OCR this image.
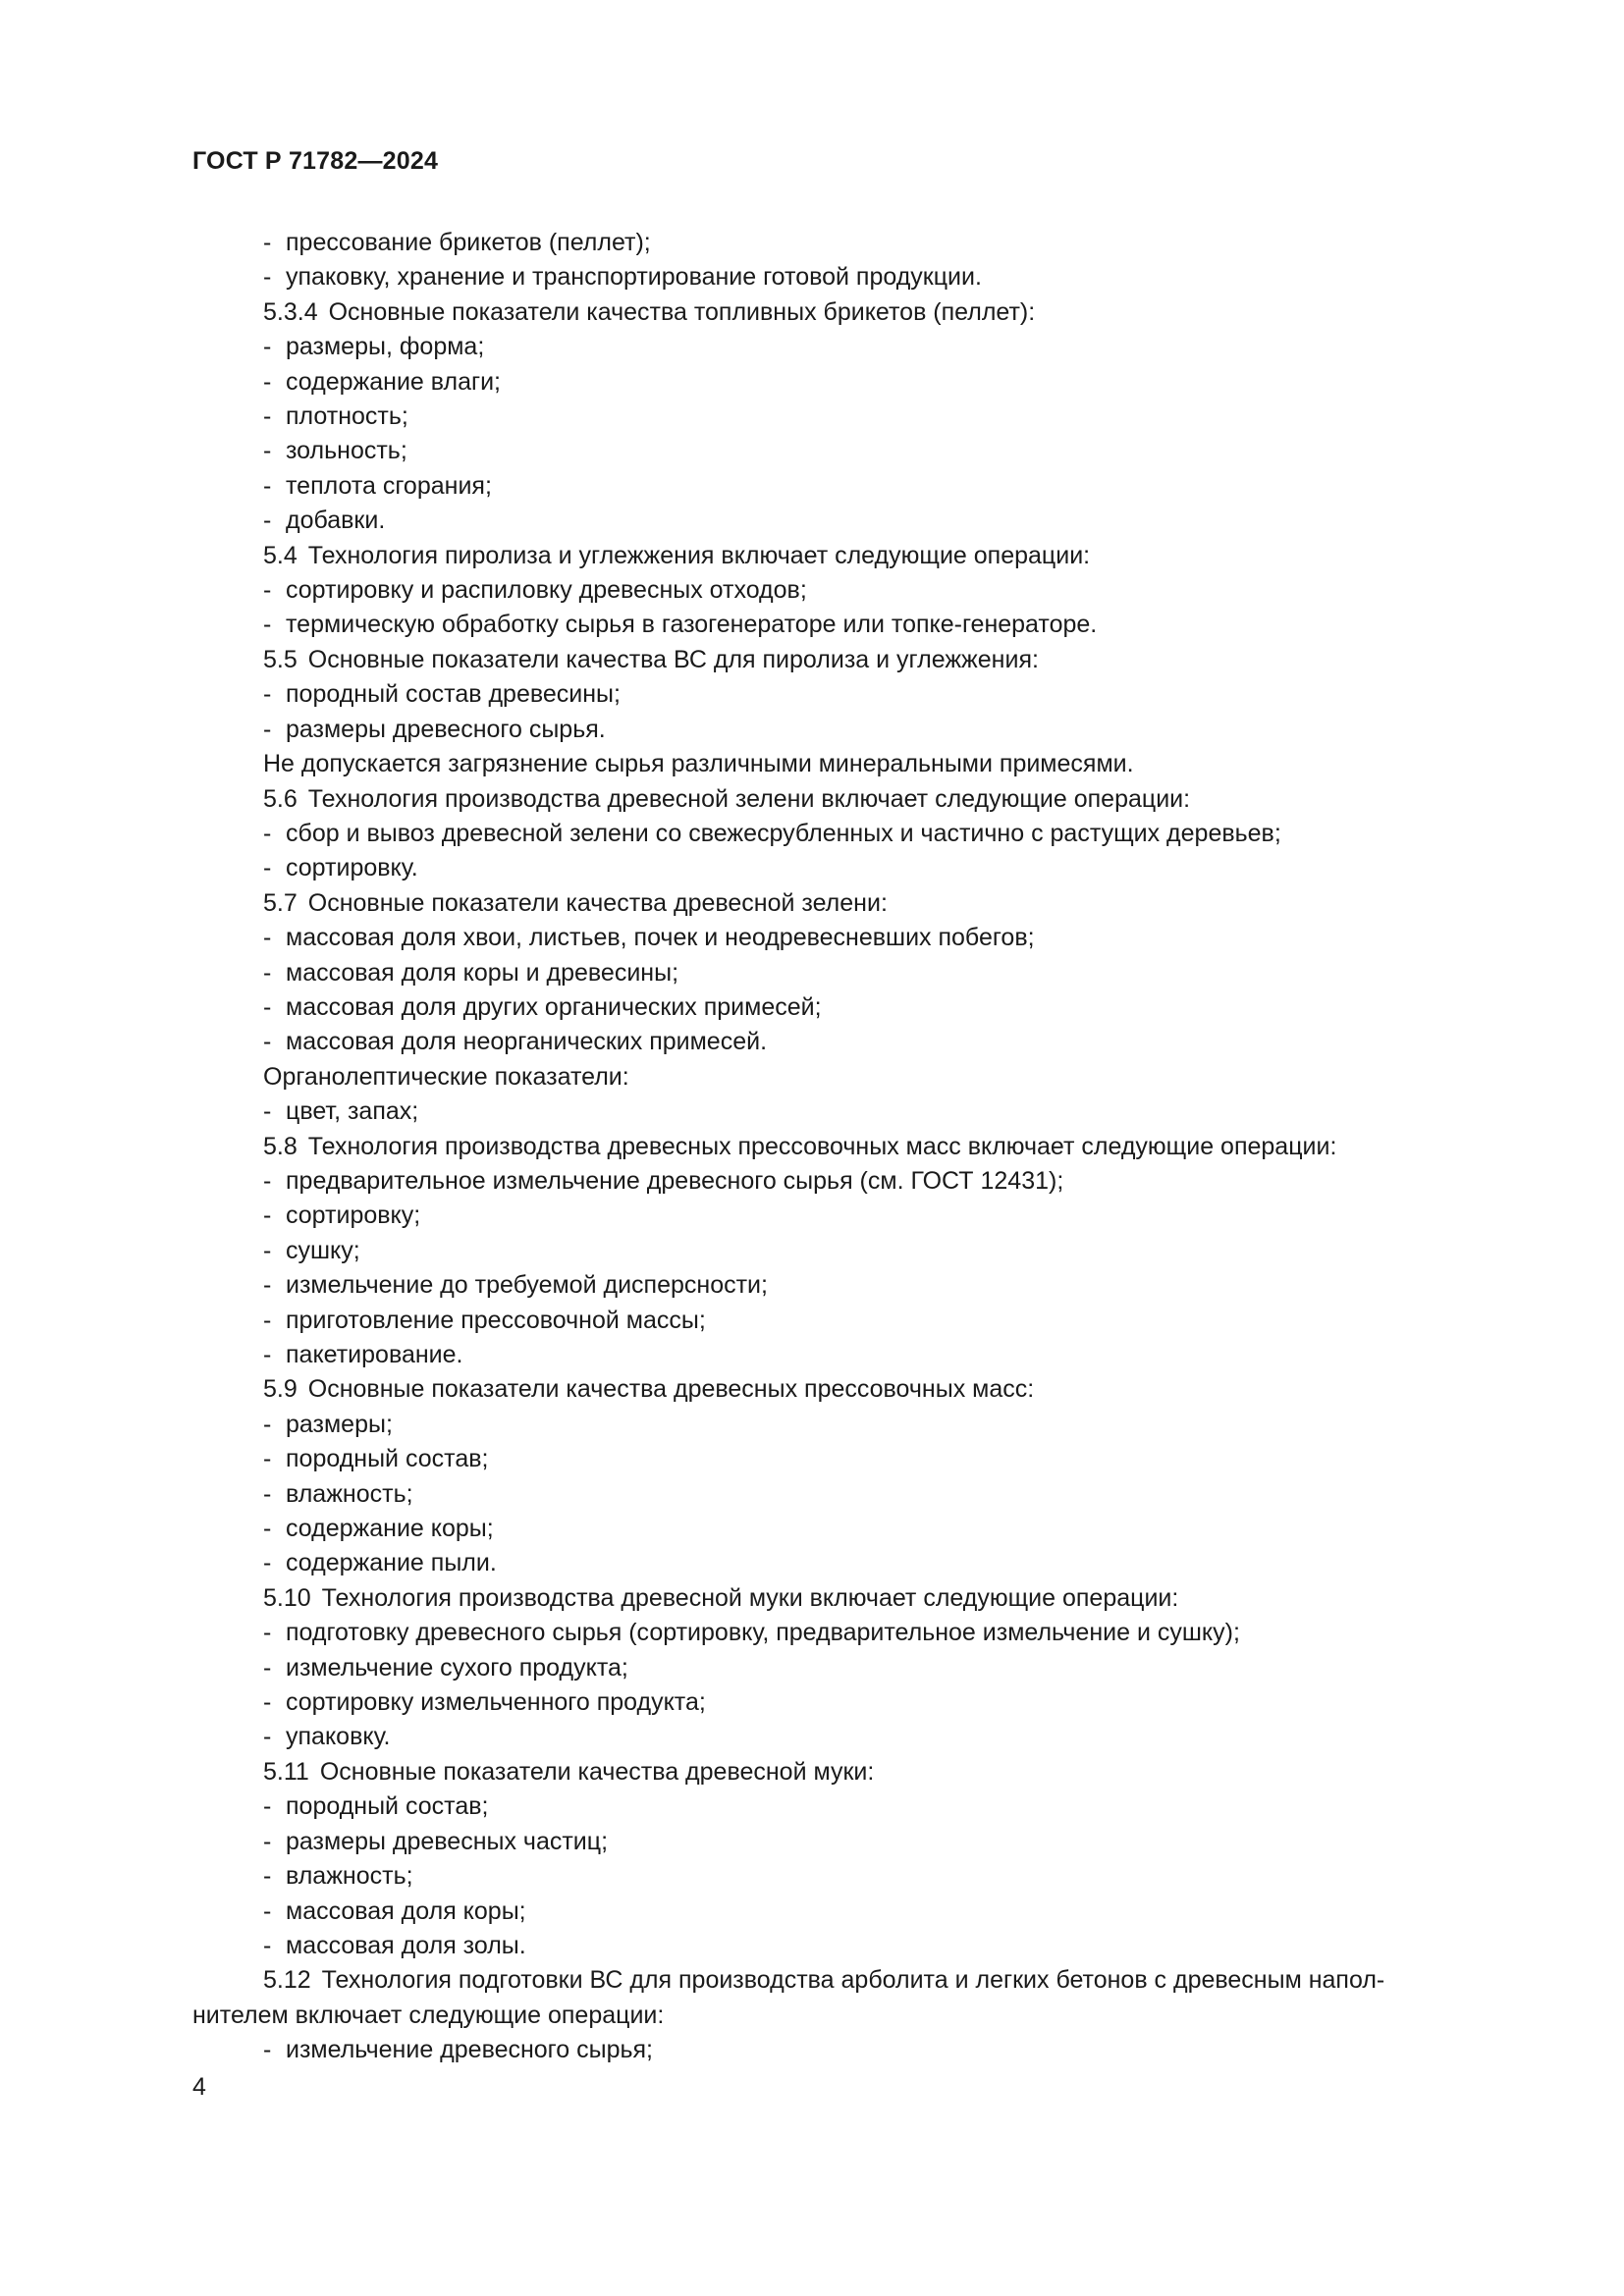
ГОСТ Р 71782—2024
- прессование брикетов (пеллет);
- упаковку, хранение и транспортирование готовой продукции.
5.3.4 Основные показатели качества топливных брикетов (пеллет):
- размеры, форма;
- содержание влаги;
- плотность;
- зольность;
- теплота сгорания;
- добавки.
5.4 Технология пиролиза и углежжения включает следующие операции:
- сортировку и распиловку древесных отходов;
- термическую обработку сырья в газогенераторе или топке-генераторе.
5.5 Основные показатели качества ВС для пиролиза и углежжения:
- породный состав древесины;
- размеры древесного сырья.
Не допускается загрязнение сырья различными минеральными примесями.
5.6 Технология производства древесной зелени включает следующие операции:
- сбор и вывоз древесной зелени со свежесрубленных и частично с растущих деревьев;
- сортировку.
5.7 Основные показатели качества древесной зелени:
- массовая доля хвои, листьев, почек и неодревесневших побегов;
- массовая доля коры и древесины;
- массовая доля других органических примесей;
- массовая доля неорганических примесей.
Органолептические показатели:
- цвет, запах;
5.8 Технология производства древесных прессовочных масс включает следующие операции:
- предварительное измельчение древесного сырья (см. ГОСТ 12431);
- сортировку;
- сушку;
- измельчение до требуемой дисперсности;
- приготовление прессовочной массы;
- пакетирование.
5.9 Основные показатели качества древесных прессовочных масс:
- размеры;
- породный состав;
- влажность;
- содержание коры;
- содержание пыли.
5.10 Технология производства древесной муки включает следующие операции:
- подготовку древесного сырья (сортировку, предварительное измельчение и сушку);
- измельчение сухого продукта;
- сортировку измельченного продукта;
- упаковку.
5.11 Основные показатели качества древесной муки:
- породный состав;
- размеры древесных частиц;
- влажность;
- массовая доля коры;
- массовая доля золы.
5.12 Технология подготовки ВС для производства арболита и легких бетонов с древесным напол-
нителем включает следующие операции:
- измельчение древесного сырья;
4
